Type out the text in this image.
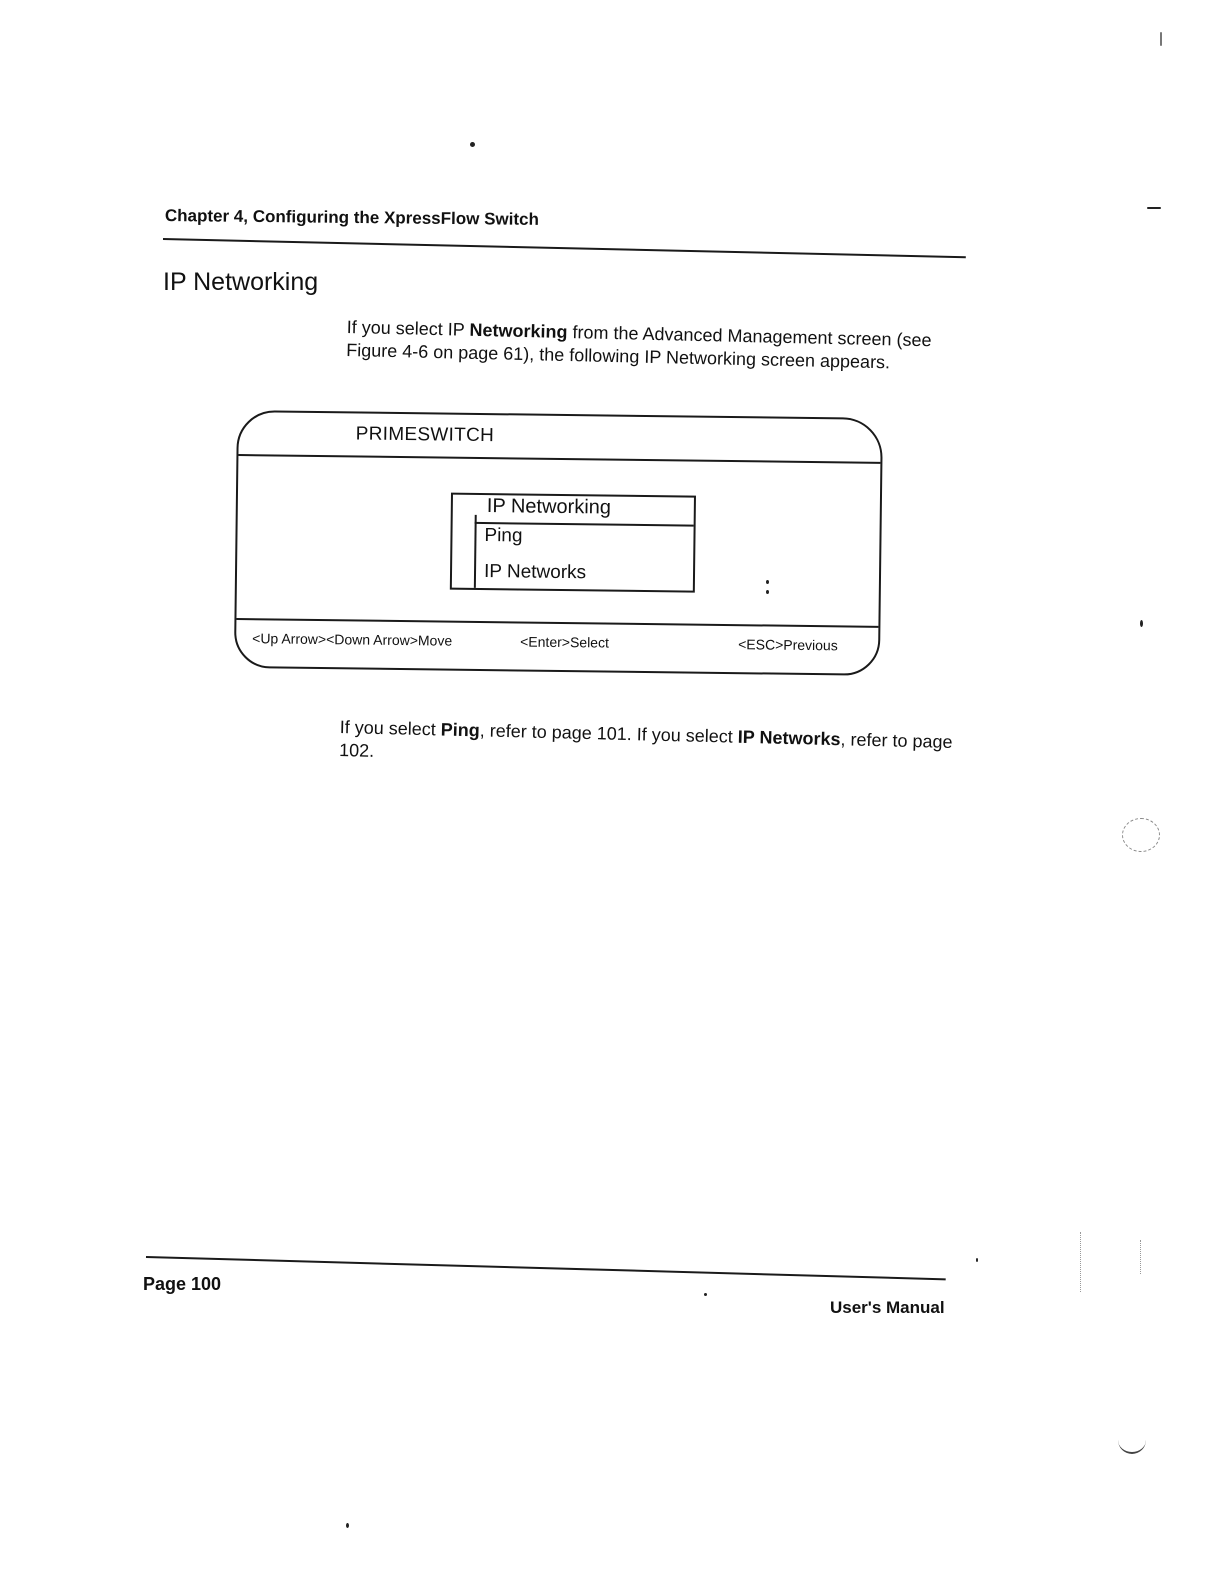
Chapter 4, Configuring the XpressFlow Switch
IP Networking
If you select IP Networking from the Advanced Management screen (see Figure 4-6 on page 61), the following IP Networking screen appears.
PRIMESWITCH
IP Networking
Ping
IP Networks
<Up Arrow><Down Arrow>Move	<Enter>Select	<ESC>Previous
If you select Ping, refer to page 101. If you select IP Networks, refer to page 102.
Page 100
User's Manual
